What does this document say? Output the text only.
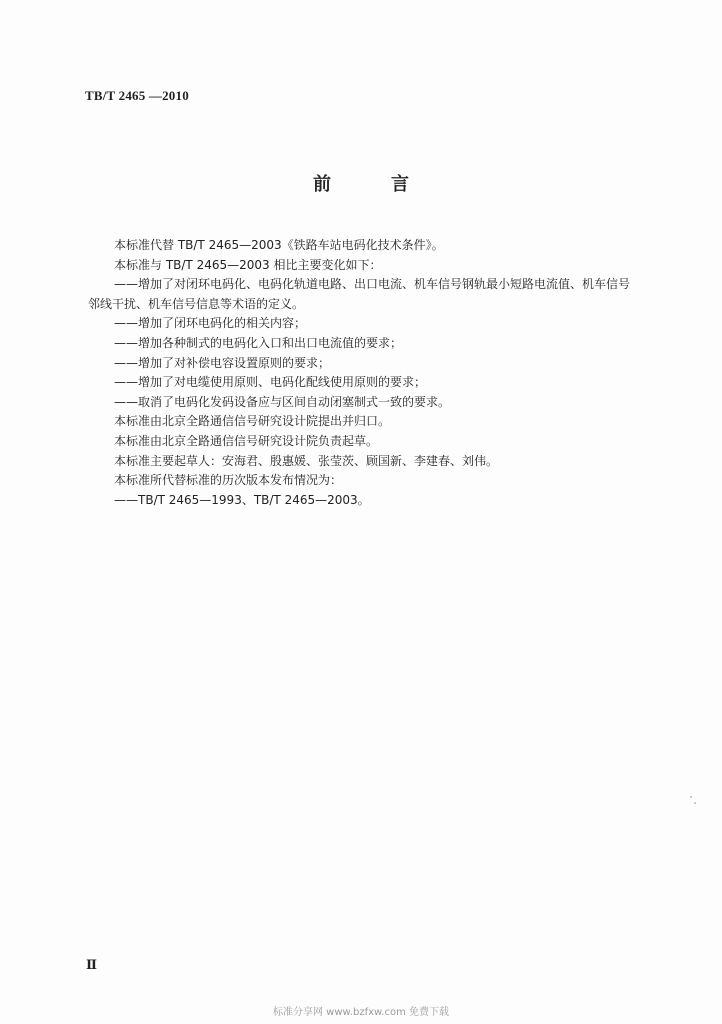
TB/T 2465 —2010
前	言
本标准代替 TB/T 2465—2003《铁路车站电码化技术条件》。
本标准与 TB/T 2465—2003 相比主要变化如下：
——增加了对闭环电码化、电码化轨道电路、出口电流、机车信号钢轨最小短路电流值、机车信号
邻线干扰、机车信号信息等术语的定义。
——增加了闭环电码化的相关内容；
——增加各种制式的电码化入口和出口电流值的要求；
——增加了对补偿电容设置原则的要求；
——增加了对电缆使用原则、电码化配线使用原则的要求；
——取消了电码化发码设备应与区间自动闭塞制式一致的要求。
本标准由北京全路通信信号研究设计院提出并归口。
本标准由北京全路通信信号研究设计院负责起草。
本标准主要起草人：安海君、殷惠媛、张莹茨、顾国新、李建春、刘伟。
本标准所代替标准的历次版本发布情况为：
——TB/T 2465—1993、TB/T 2465—2003。
Ⅱ
标准分享网 www.bzfxw.com 免费下载
